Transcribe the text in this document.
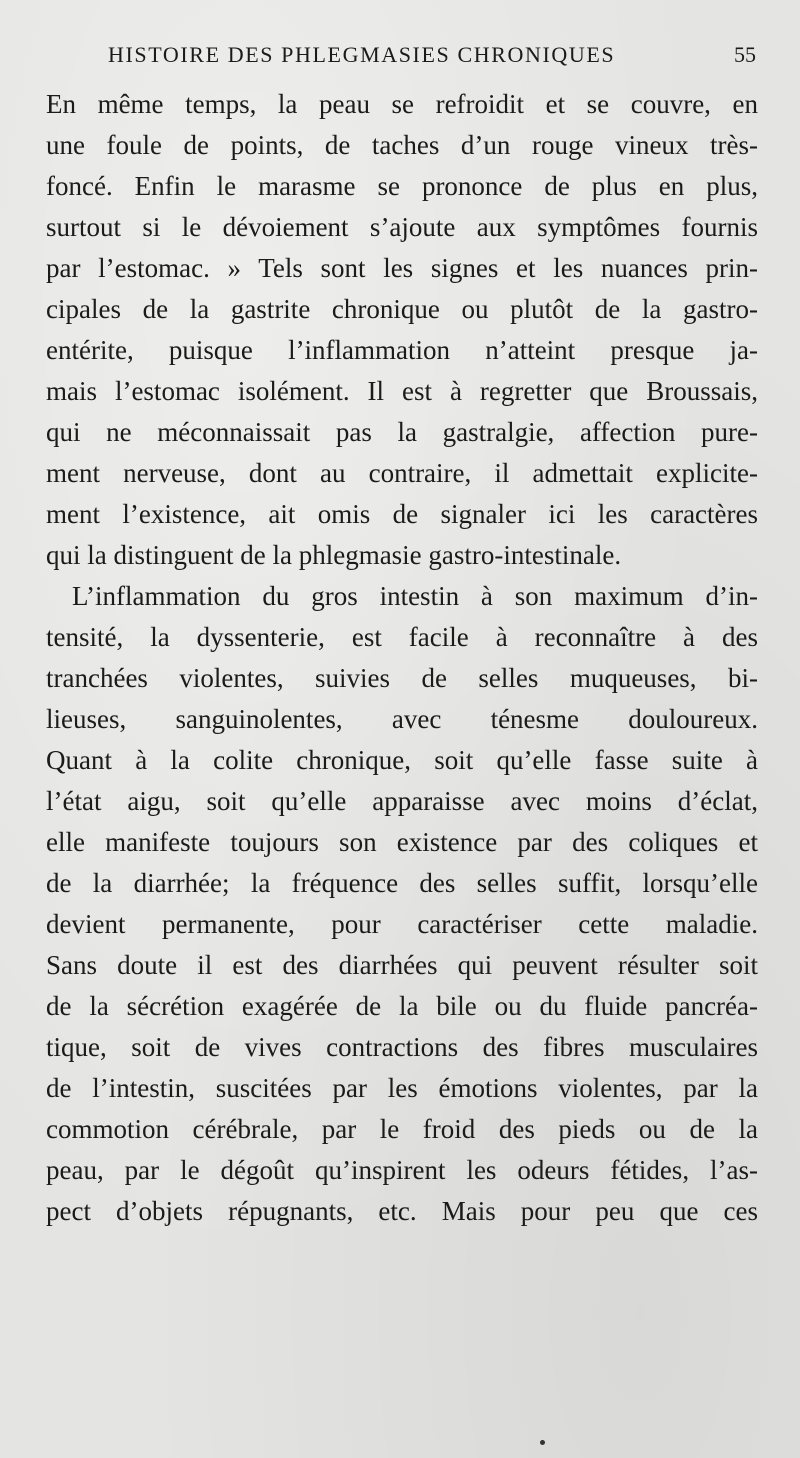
HISTOIRE DES PHLEGMASIES CHRONIQUES	55
En même temps, la peau se refroidit et se couvre, en
une foule de points, de taches d’un rouge vineux très-
foncé. Enfin le marasme se prononce de plus en plus,
surtout si le dévoiement s’ajoute aux symptômes fournis
par l’estomac. » Tels sont les signes et les nuances prin-
cipales de la gastrite chronique ou plutôt de la gastro-
entérite, puisque l’inflammation n’atteint presque ja-
mais l’estomac isolément. Il est à regretter que Broussais,
qui ne méconnaissait pas la gastralgie, affection pure-
ment nerveuse, dont au contraire, il admettait explicite-
ment l’existence, ait omis de signaler ici les caractères
qui la distinguent de la phlegmasie gastro-intestinale.
L’inflammation du gros intestin à son maximum d’in-
tensité, la dyssenterie, est facile à reconnaître à des
tranchées violentes, suivies de selles muqueuses, bi-
lieuses, sanguinolentes, avec ténesme douloureux.
Quant à la colite chronique, soit qu’elle fasse suite à
l’état aigu, soit qu’elle apparaisse avec moins d’éclat,
elle manifeste toujours son existence par des coliques et
de la diarrhée; la fréquence des selles suffit, lorsqu’elle
devient permanente, pour caractériser cette maladie.
Sans doute il est des diarrhées qui peuvent résulter soit
de la sécrétion exagérée de la bile ou du fluide pancréa-
tique, soit de vives contractions des fibres musculaires
de l’intestin, suscitées par les émotions violentes, par la
commotion cérébrale, par le froid des pieds ou de la
peau, par le dégoût qu’inspirent les odeurs fétides, l’as-
pect d’objets répugnants, etc. Mais pour peu que ces
